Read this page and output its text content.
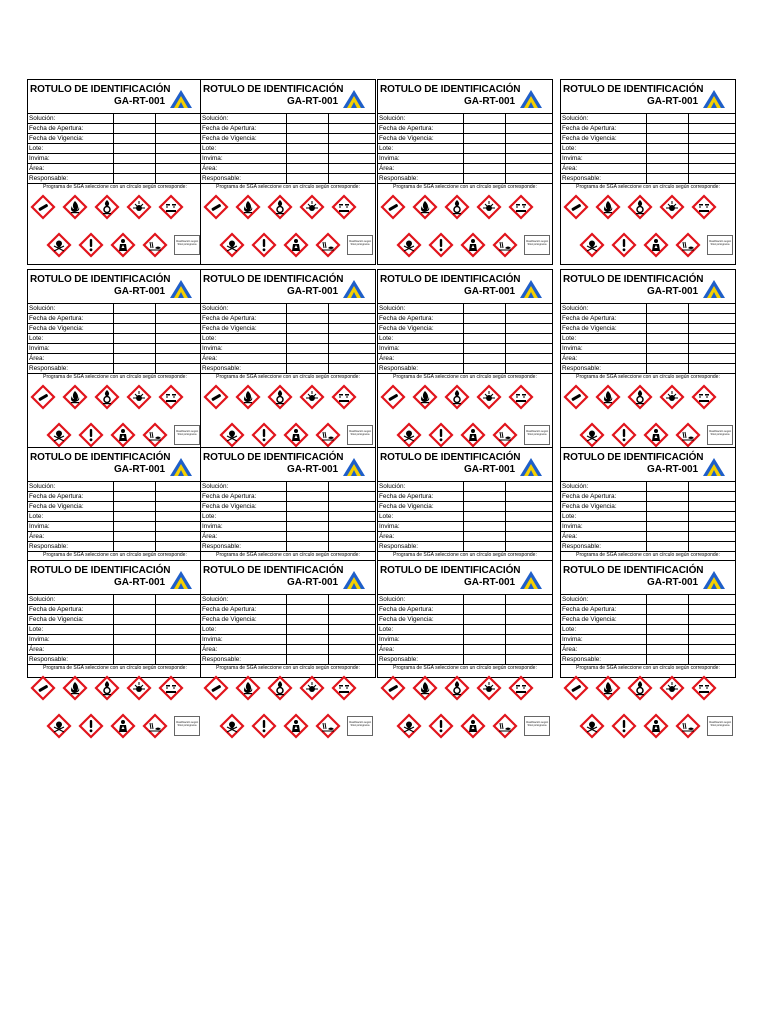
ROTULO DE IDENTIFICACIÓN
GA-RT-001
Solución:
Fecha de Apertura:
Fecha de Vigencia:
Lote:
Invima:
Área:
Responsable:
Programa de SGA seleccione con un círculo según corresponde:
Clasificación según SGA pictograma
ROTULO DE IDENTIFICACIÓN
GA-RT-001
Solución:
Fecha de Apertura:
Fecha de Vigencia:
Lote:
Invima:
Área:
Responsable:
Programa de SGA seleccione con un círculo según corresponde:
Clasificación según SGA pictograma
ROTULO DE IDENTIFICACIÓN
GA-RT-001
Solución:
Fecha de Apertura:
Fecha de Vigencia:
Lote:
Invima:
Área:
Responsable:
Programa de SGA seleccione con un círculo según corresponde:
Clasificación según SGA pictograma
ROTULO DE IDENTIFICACIÓN
GA-RT-001
Solución:
Fecha de Apertura:
Fecha de Vigencia:
Lote:
Invima:
Área:
Responsable:
Programa de SGA seleccione con un círculo según corresponde:
Clasificación según SGA pictograma
ROTULO DE IDENTIFICACIÓN
GA-RT-001
Solución:
Fecha de Apertura:
Fecha de Vigencia:
Lote:
Invima:
Área:
Responsable:
Programa de SGA seleccione con un círculo según corresponde:
Clasificación según SGA pictograma
ROTULO DE IDENTIFICACIÓN
GA-RT-001
Solución:
Fecha de Apertura:
Fecha de Vigencia:
Lote:
Invima:
Área:
Responsable:
Programa de SGA seleccione con un círculo según corresponde:
Clasificación según SGA pictograma
ROTULO DE IDENTIFICACIÓN
GA-RT-001
Solución:
Fecha de Apertura:
Fecha de Vigencia:
Lote:
Invima:
Área:
Responsable:
Programa de SGA seleccione con un círculo según corresponde:
Clasificación según SGA pictograma
ROTULO DE IDENTIFICACIÓN
GA-RT-001
Solución:
Fecha de Apertura:
Fecha de Vigencia:
Lote:
Invima:
Área:
Responsable:
Programa de SGA seleccione con un círculo según corresponde:
Clasificación según SGA pictograma
ROTULO DE IDENTIFICACIÓN
GA-RT-001
Solución:
Fecha de Apertura:
Fecha de Vigencia:
Lote:
Invima:
Área:
Responsable:
Programa de SGA seleccione con un círculo según corresponde:
ROTULO DE IDENTIFICACIÓN
GA-RT-001
Solución:
Fecha de Apertura:
Fecha de Vigencia:
Lote:
Invima:
Área:
Responsable:
Programa de SGA seleccione con un círculo según corresponde:
ROTULO DE IDENTIFICACIÓN
GA-RT-001
Solución:
Fecha de Apertura:
Fecha de Vigencia:
Lote:
Invima:
Área:
Responsable:
Programa de SGA seleccione con un círculo según corresponde:
ROTULO DE IDENTIFICACIÓN
GA-RT-001
Solución:
Fecha de Apertura:
Fecha de Vigencia:
Lote:
Invima:
Área:
Responsable:
Programa de SGA seleccione con un círculo según corresponde:
ROTULO DE IDENTIFICACIÓN
GA-RT-001
Solución:
Fecha de Apertura:
Fecha de Vigencia:
Lote:
Invima:
Área:
Responsable:
Programa de SGA seleccione con un círculo según corresponde:
Clasificación según SGA pictograma
ROTULO DE IDENTIFICACIÓN
GA-RT-001
Solución:
Fecha de Apertura:
Fecha de Vigencia:
Lote:
Invima:
Área:
Responsable:
Programa de SGA seleccione con un círculo según corresponde:
Clasificación según SGA pictograma
ROTULO DE IDENTIFICACIÓN
GA-RT-001
Solución:
Fecha de Apertura:
Fecha de Vigencia:
Lote:
Invima:
Área:
Responsable:
Programa de SGA seleccione con un círculo según corresponde:
Clasificación según SGA pictograma
ROTULO DE IDENTIFICACIÓN
GA-RT-001
Solución:
Fecha de Apertura:
Fecha de Vigencia:
Lote:
Invima:
Área:
Responsable:
Programa de SGA seleccione con un círculo según corresponde:
Clasificación según SGA pictograma
